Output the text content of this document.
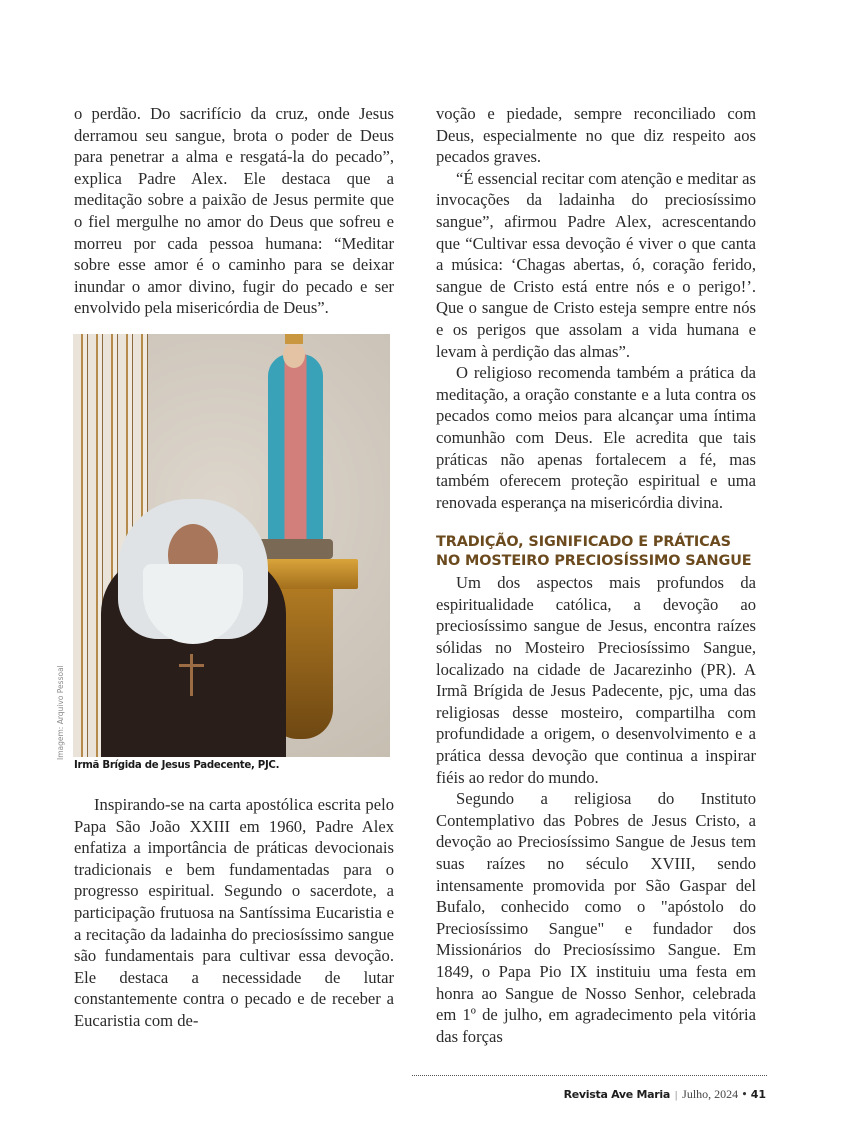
o perdão. Do sacrifício da cruz, onde Jesus derramou seu sangue, brota o poder de Deus para penetrar a alma e resgatá-la do pecado”, explica Padre Alex. Ele destaca que a meditação sobre a paixão de Jesus permite que o fiel mergulhe no amor do Deus que sofreu e morreu por cada pessoa humana: “Meditar sobre esse amor é o caminho para se deixar inundar o amor divino, fugir do pecado e ser envolvido pela misericórdia de Deus”.

Imagem: Arquivo Pessoal
Irmã Brígida de Jesus Padecente, PJC.

Inspirando-se na carta apostólica escrita pelo Papa São João XXIII em 1960, Padre Alex enfatiza a importância de práticas devocionais tradicionais e bem fundamentadas para o progresso espiritual. Segundo o sacerdote, a participação frutuosa na Santíssima Eucaristia e a recitação da ladainha do preciosíssimo sangue são fundamentais para cultivar essa devoção. Ele destaca a necessidade de lutar constantemente contra o pecado e de receber a Eucaristia com de-

voção e piedade, sempre reconciliado com Deus, especialmente no que diz respeito aos pecados graves.

“É essencial recitar com atenção e meditar as invocações da ladainha do preciosíssimo sangue”, afirmou Padre Alex, acrescentando que “Cultivar essa devoção é viver o que canta a música: ‘Chagas abertas, ó, coração ferido, sangue de Cristo está entre nós e o perigo!’. Que o sangue de Cristo esteja sempre entre nós e os perigos que assolam a vida humana e levam à perdição das almas”.

O religioso recomenda também a prática da meditação, a oração constante e a luta contra os pecados como meios para alcançar uma íntima comunhão com Deus. Ele acredita que tais práticas não apenas fortalecem a fé, mas também oferecem proteção espiritual e uma renovada esperança na misericórdia divina.

TRADIÇÃO, SIGNIFICADO E PRÁTICAS NO MOSTEIRO PRECIOSÍSSIMO SANGUE

Um dos aspectos mais profundos da espiritualidade católica, a devoção ao preciosíssimo sangue de Jesus, encontra raízes sólidas no Mosteiro Preciosíssimo Sangue, localizado na cidade de Jacarezinho (PR). A Irmã Brígida de Jesus Padecente, pjc, uma das religiosas desse mosteiro, compartilha com profundidade a origem, o desenvolvimento e a prática dessa devoção que continua a inspirar fiéis ao redor do mundo.

Segundo a religiosa do Instituto Contemplativo das Pobres de Jesus Cristo, a devoção ao Preciosíssimo Sangue de Jesus tem suas raízes no século XVIII, sendo intensamente promovida por São Gaspar del Bufalo, conhecido como o "apóstolo do Preciosíssimo Sangue" e fundador dos Missionários do Preciosíssimo Sangue. Em 1849, o Papa Pio IX instituiu uma festa em honra ao Sangue de Nosso Senhor, celebrada em 1º de julho, em agradecimento pela vitória das forças

Revista Ave Maria | Julho, 2024 • 41
